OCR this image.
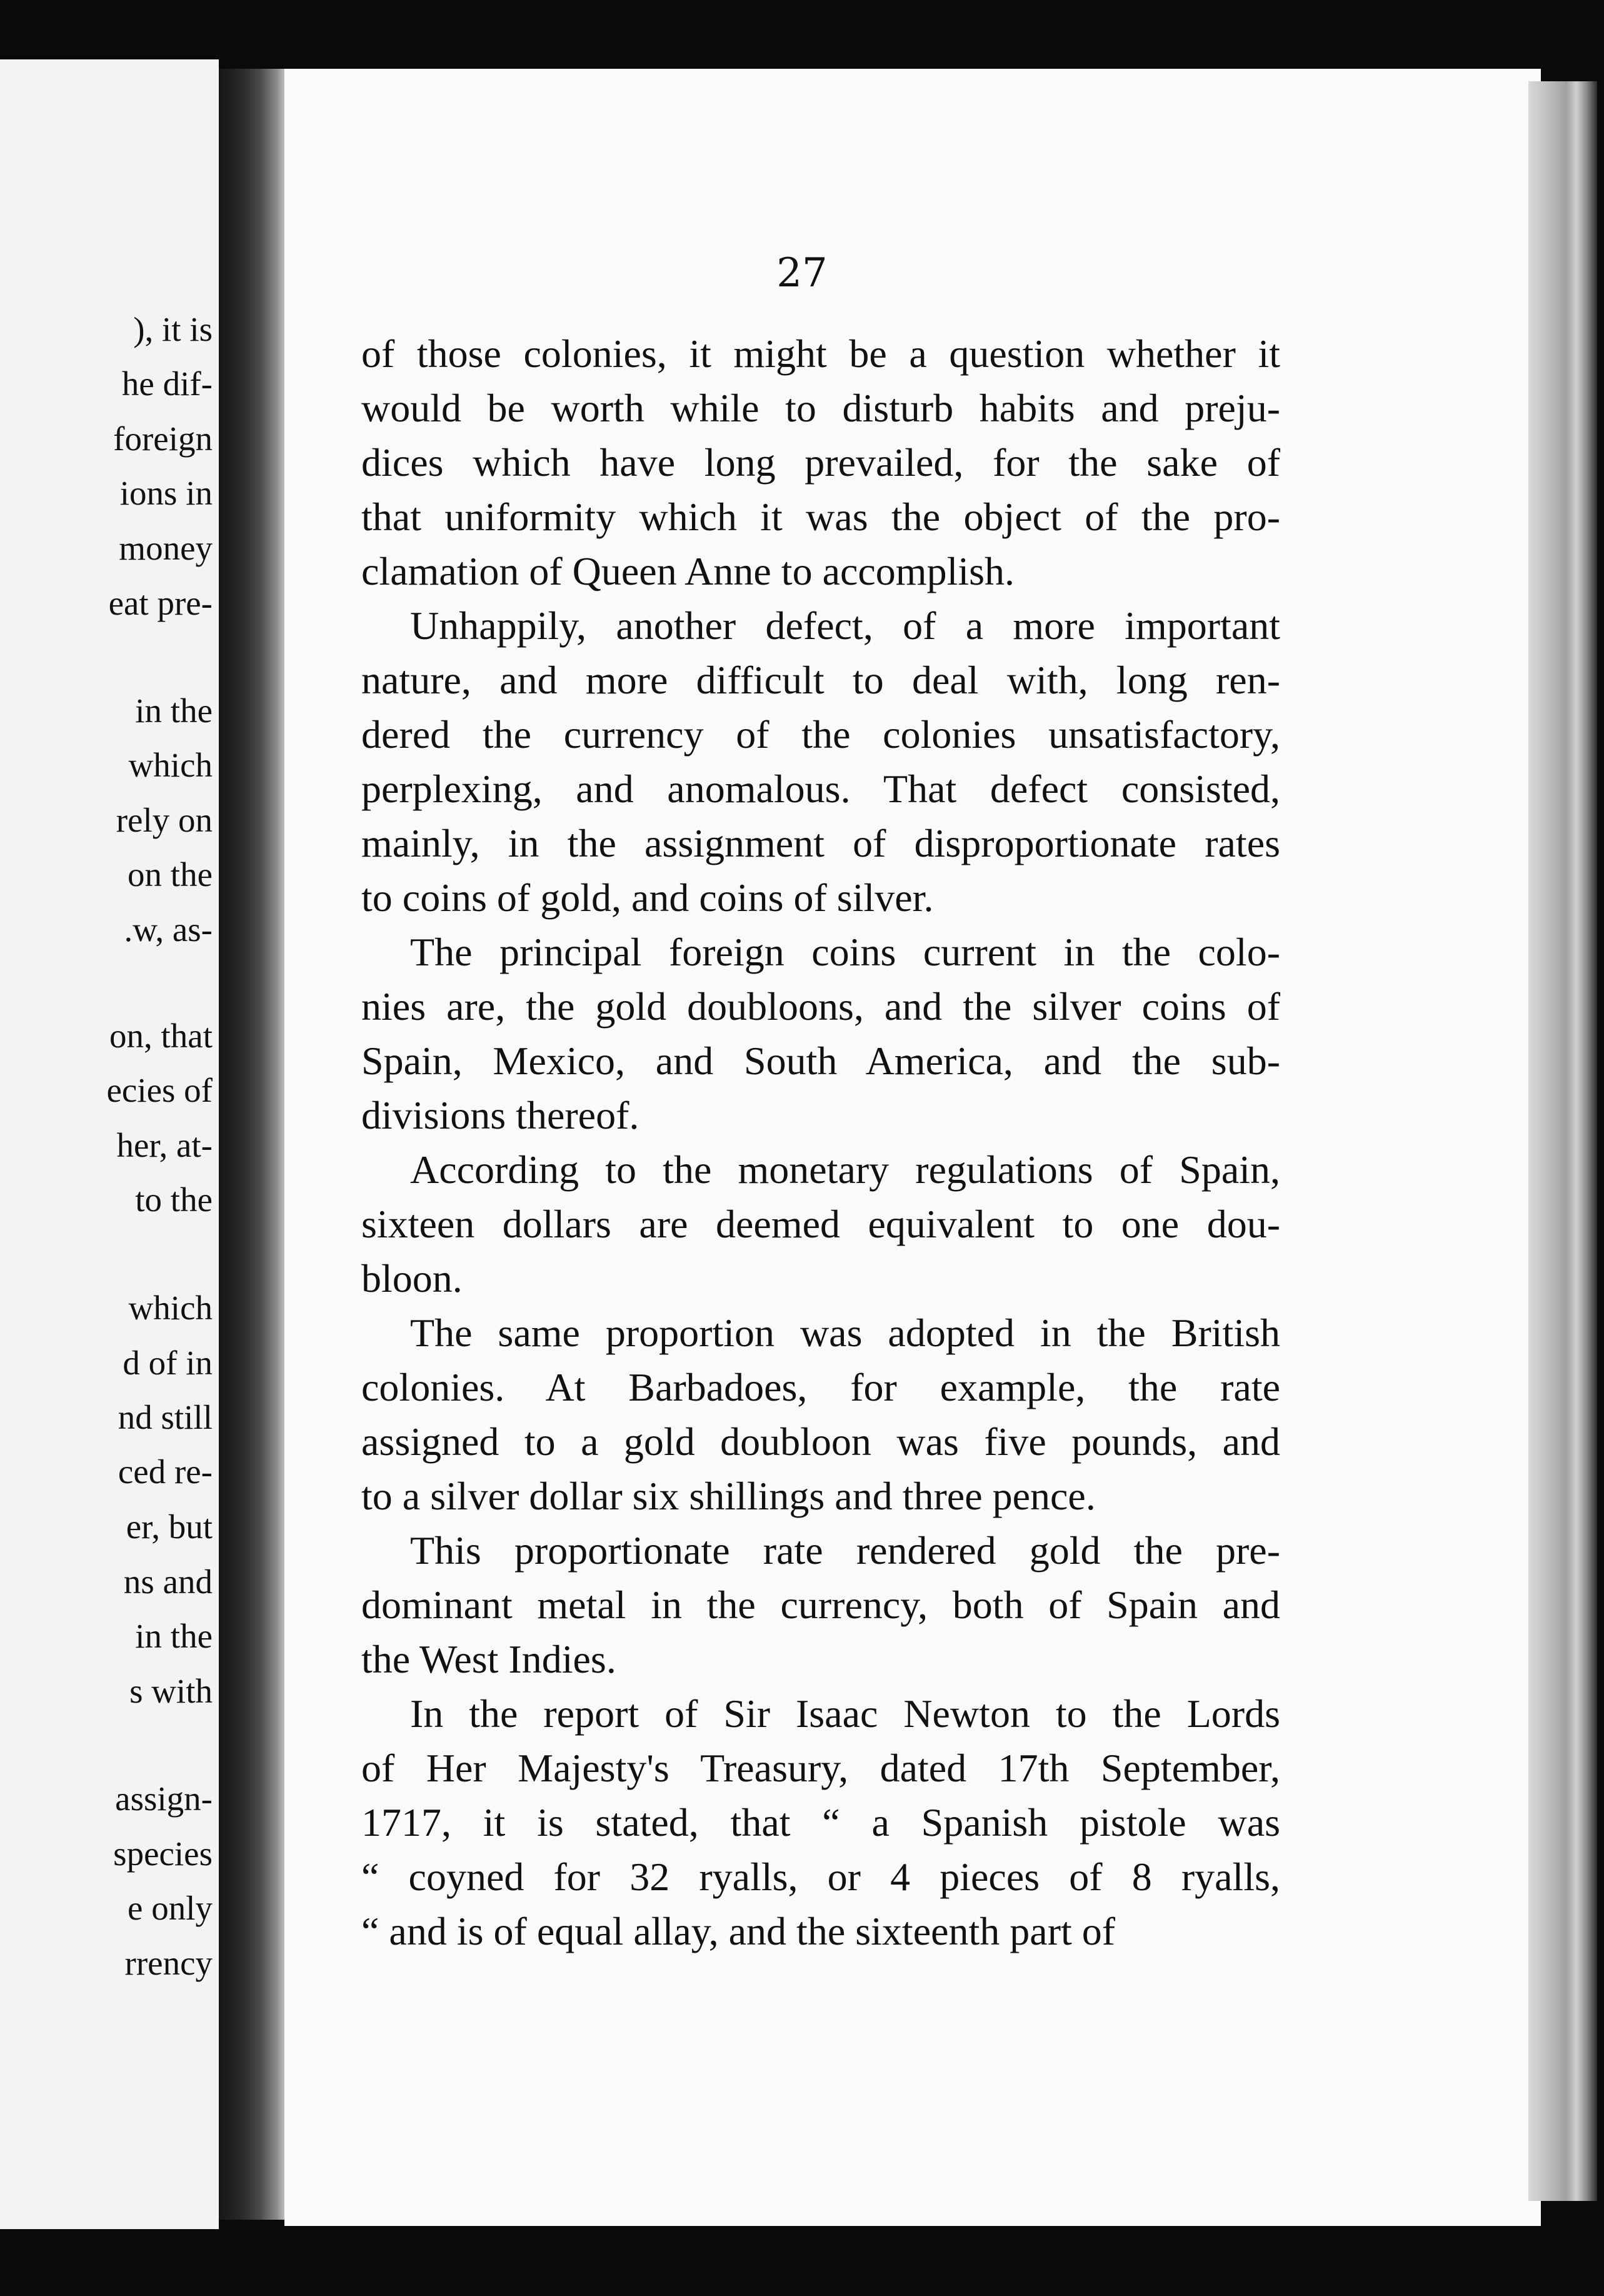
), it is
he dif-
foreign
ions in
money
eat pre-
in the
which
rely on
on the
.w, as-
on, that
ecies of
her, at-
to the
which
d of in
nd still
ced re-
er, but
ns and
in the
s with
assign-
species
e only
rrency
27
of those colonies, it might be a question whether it
would be worth while to disturb habits and preju-
dices which have long prevailed, for the sake of
that uniformity which it was the object of the pro-
clamation of Queen Anne to accomplish.
Unhappily, another defect, of a more important
nature, and more difficult to deal with, long ren-
dered the currency of the colonies unsatisfactory,
perplexing, and anomalous. That defect consisted,
mainly, in the assignment of disproportionate rates
to coins of gold, and coins of silver.
The principal foreign coins current in the colo-
nies are, the gold doubloons, and the silver coins of
Spain, Mexico, and South America, and the sub-
divisions thereof.
According to the monetary regulations of Spain,
sixteen dollars are deemed equivalent to one dou-
bloon.
The same proportion was adopted in the British
colonies. At Barbadoes, for example, the rate
assigned to a gold doubloon was five pounds, and
to a silver dollar six shillings and three pence.
This proportionate rate rendered gold the pre-
dominant metal in the currency, both of Spain and
the West Indies.
In the report of Sir Isaac Newton to the Lords
of Her Majesty's Treasury, dated 17th September,
1717, it is stated, that “ a Spanish pistole was
“ coyned for 32 ryalls, or 4 pieces of 8 ryalls,
“ and is of equal allay, and the sixteenth part of
